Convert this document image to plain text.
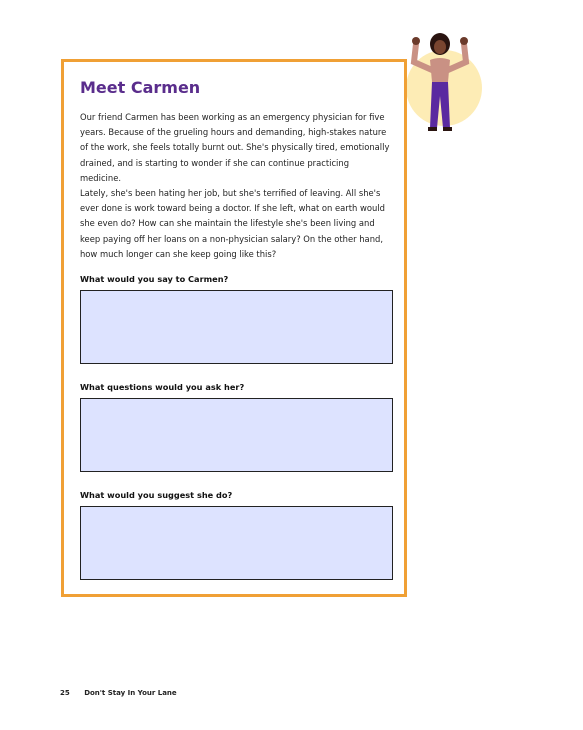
Meet Carmen

Our friend Carmen has been working as an emergency physician for five years. Because of the grueling hours and demanding, high-stakes nature of the work, she feels totally burnt out. She's physically tired, emotionally drained, and is starting to wonder if she can continue practicing medicine.

Lately, she's been hating her job, but she's terrified of leaving. All she's ever done is work toward being a doctor. If she left, what on earth would she even do? How can she maintain the lifestyle she's been living and keep paying off her loans on a non-physician salary? On the other hand, how much longer can she keep going like this?

What would you say to Carmen?

What questions would you ask her?

What would you suggest she do?

25 Don't Stay In Your Lane
